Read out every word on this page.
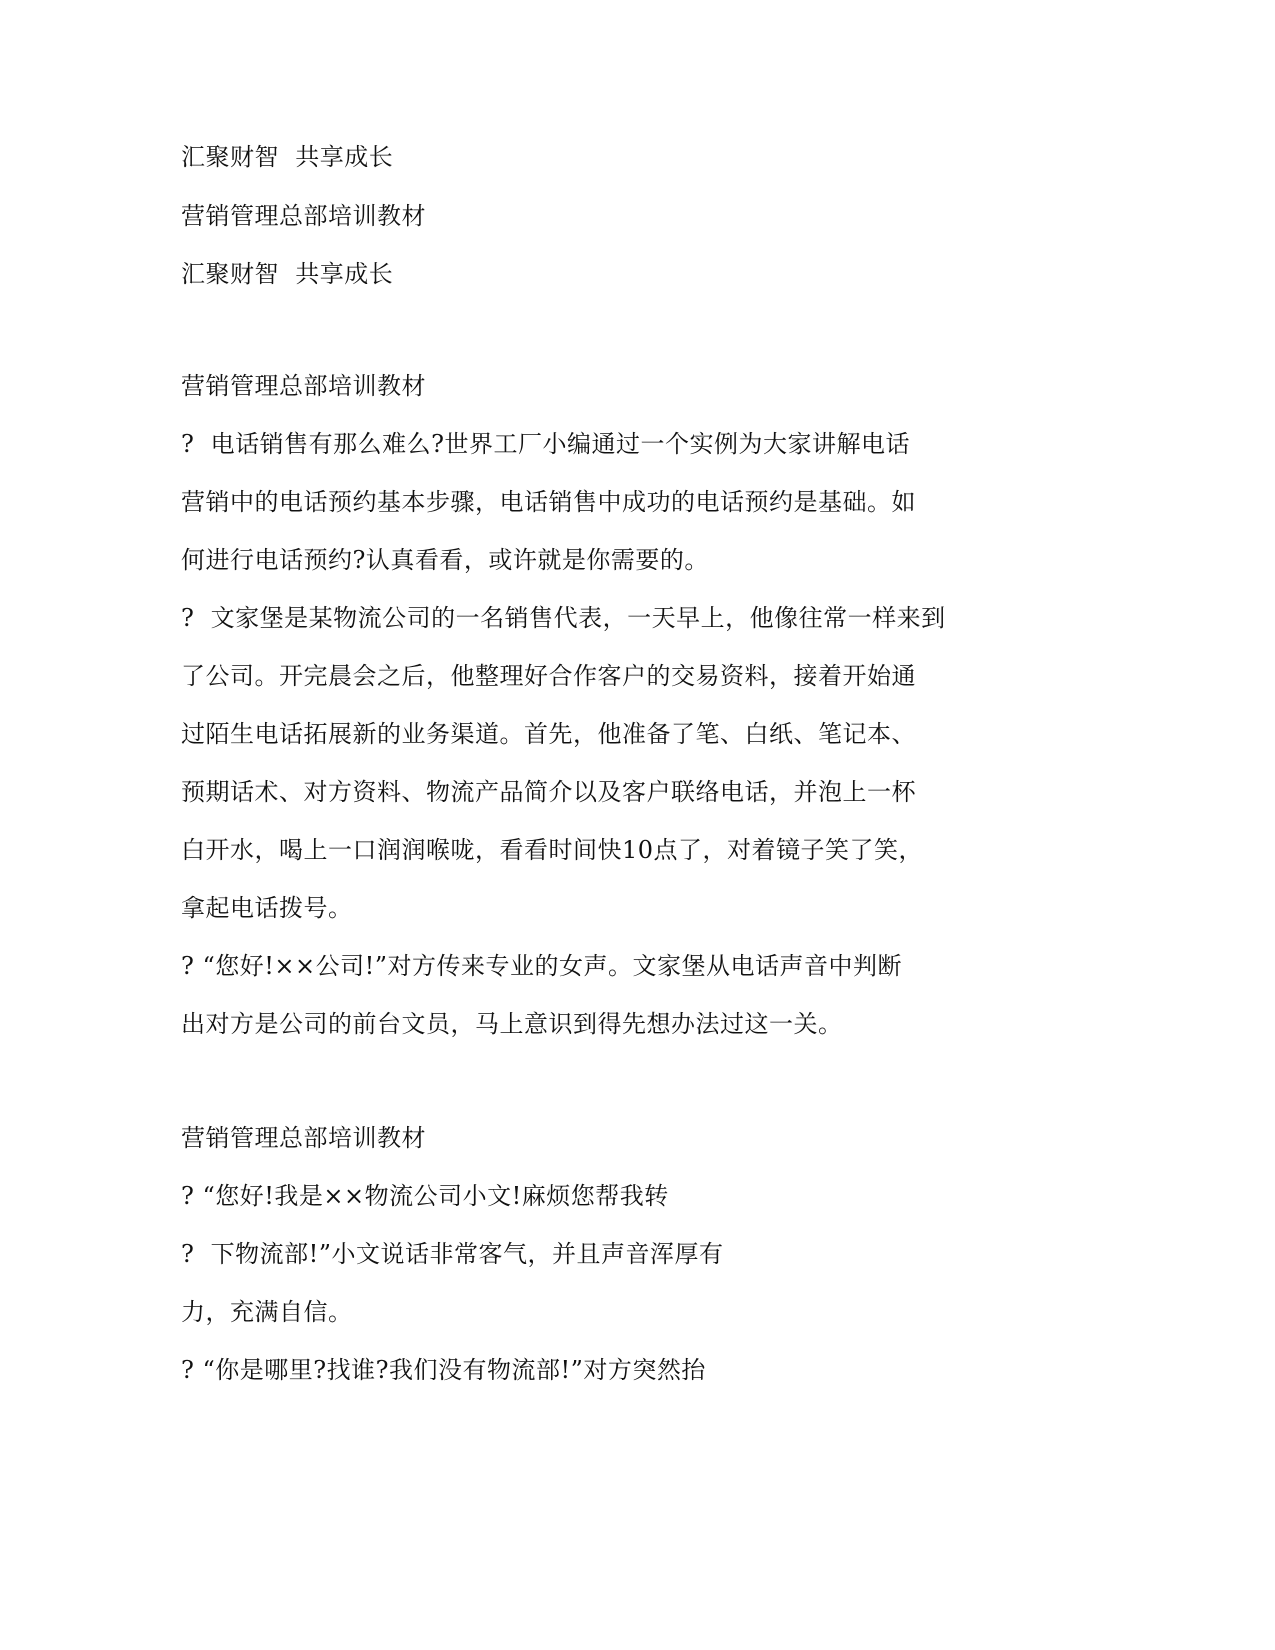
汇聚财智  共享成长
营销管理总部培训教材
汇聚财智  共享成长
营销管理总部培训教材
?  电话销售有那么难么?世界工厂小编通过一个实例为大家讲解电话
营销中的电话预约基本步骤，电话销售中成功的电话预约是基础。如
何进行电话预约?认真看看，或许就是你需要的。
?  文家堡是某物流公司的一名销售代表，一天早上，他像往常一样来到
了公司。开完晨会之后，他整理好合作客户的交易资料，接着开始通
过陌生电话拓展新的业务渠道。首先，他准备了笔、白纸、笔记本、
预期话术、对方资料、物流产品简介以及客户联络电话，并泡上一杯
白开水，喝上一口润润喉咙，看看时间快10点了，对着镜子笑了笑，
拿起电话拨号。
? “您好!××公司!”对方传来专业的女声。文家堡从电话声音中判断
出对方是公司的前台文员，马上意识到得先想办法过这一关。
营销管理总部培训教材
? “您好!我是××物流公司小文!麻烦您帮我转
?  下物流部!”小文说话非常客气，并且声音浑厚有
力，充满自信。
? “你是哪里?找谁?我们没有物流部!”对方突然抬
